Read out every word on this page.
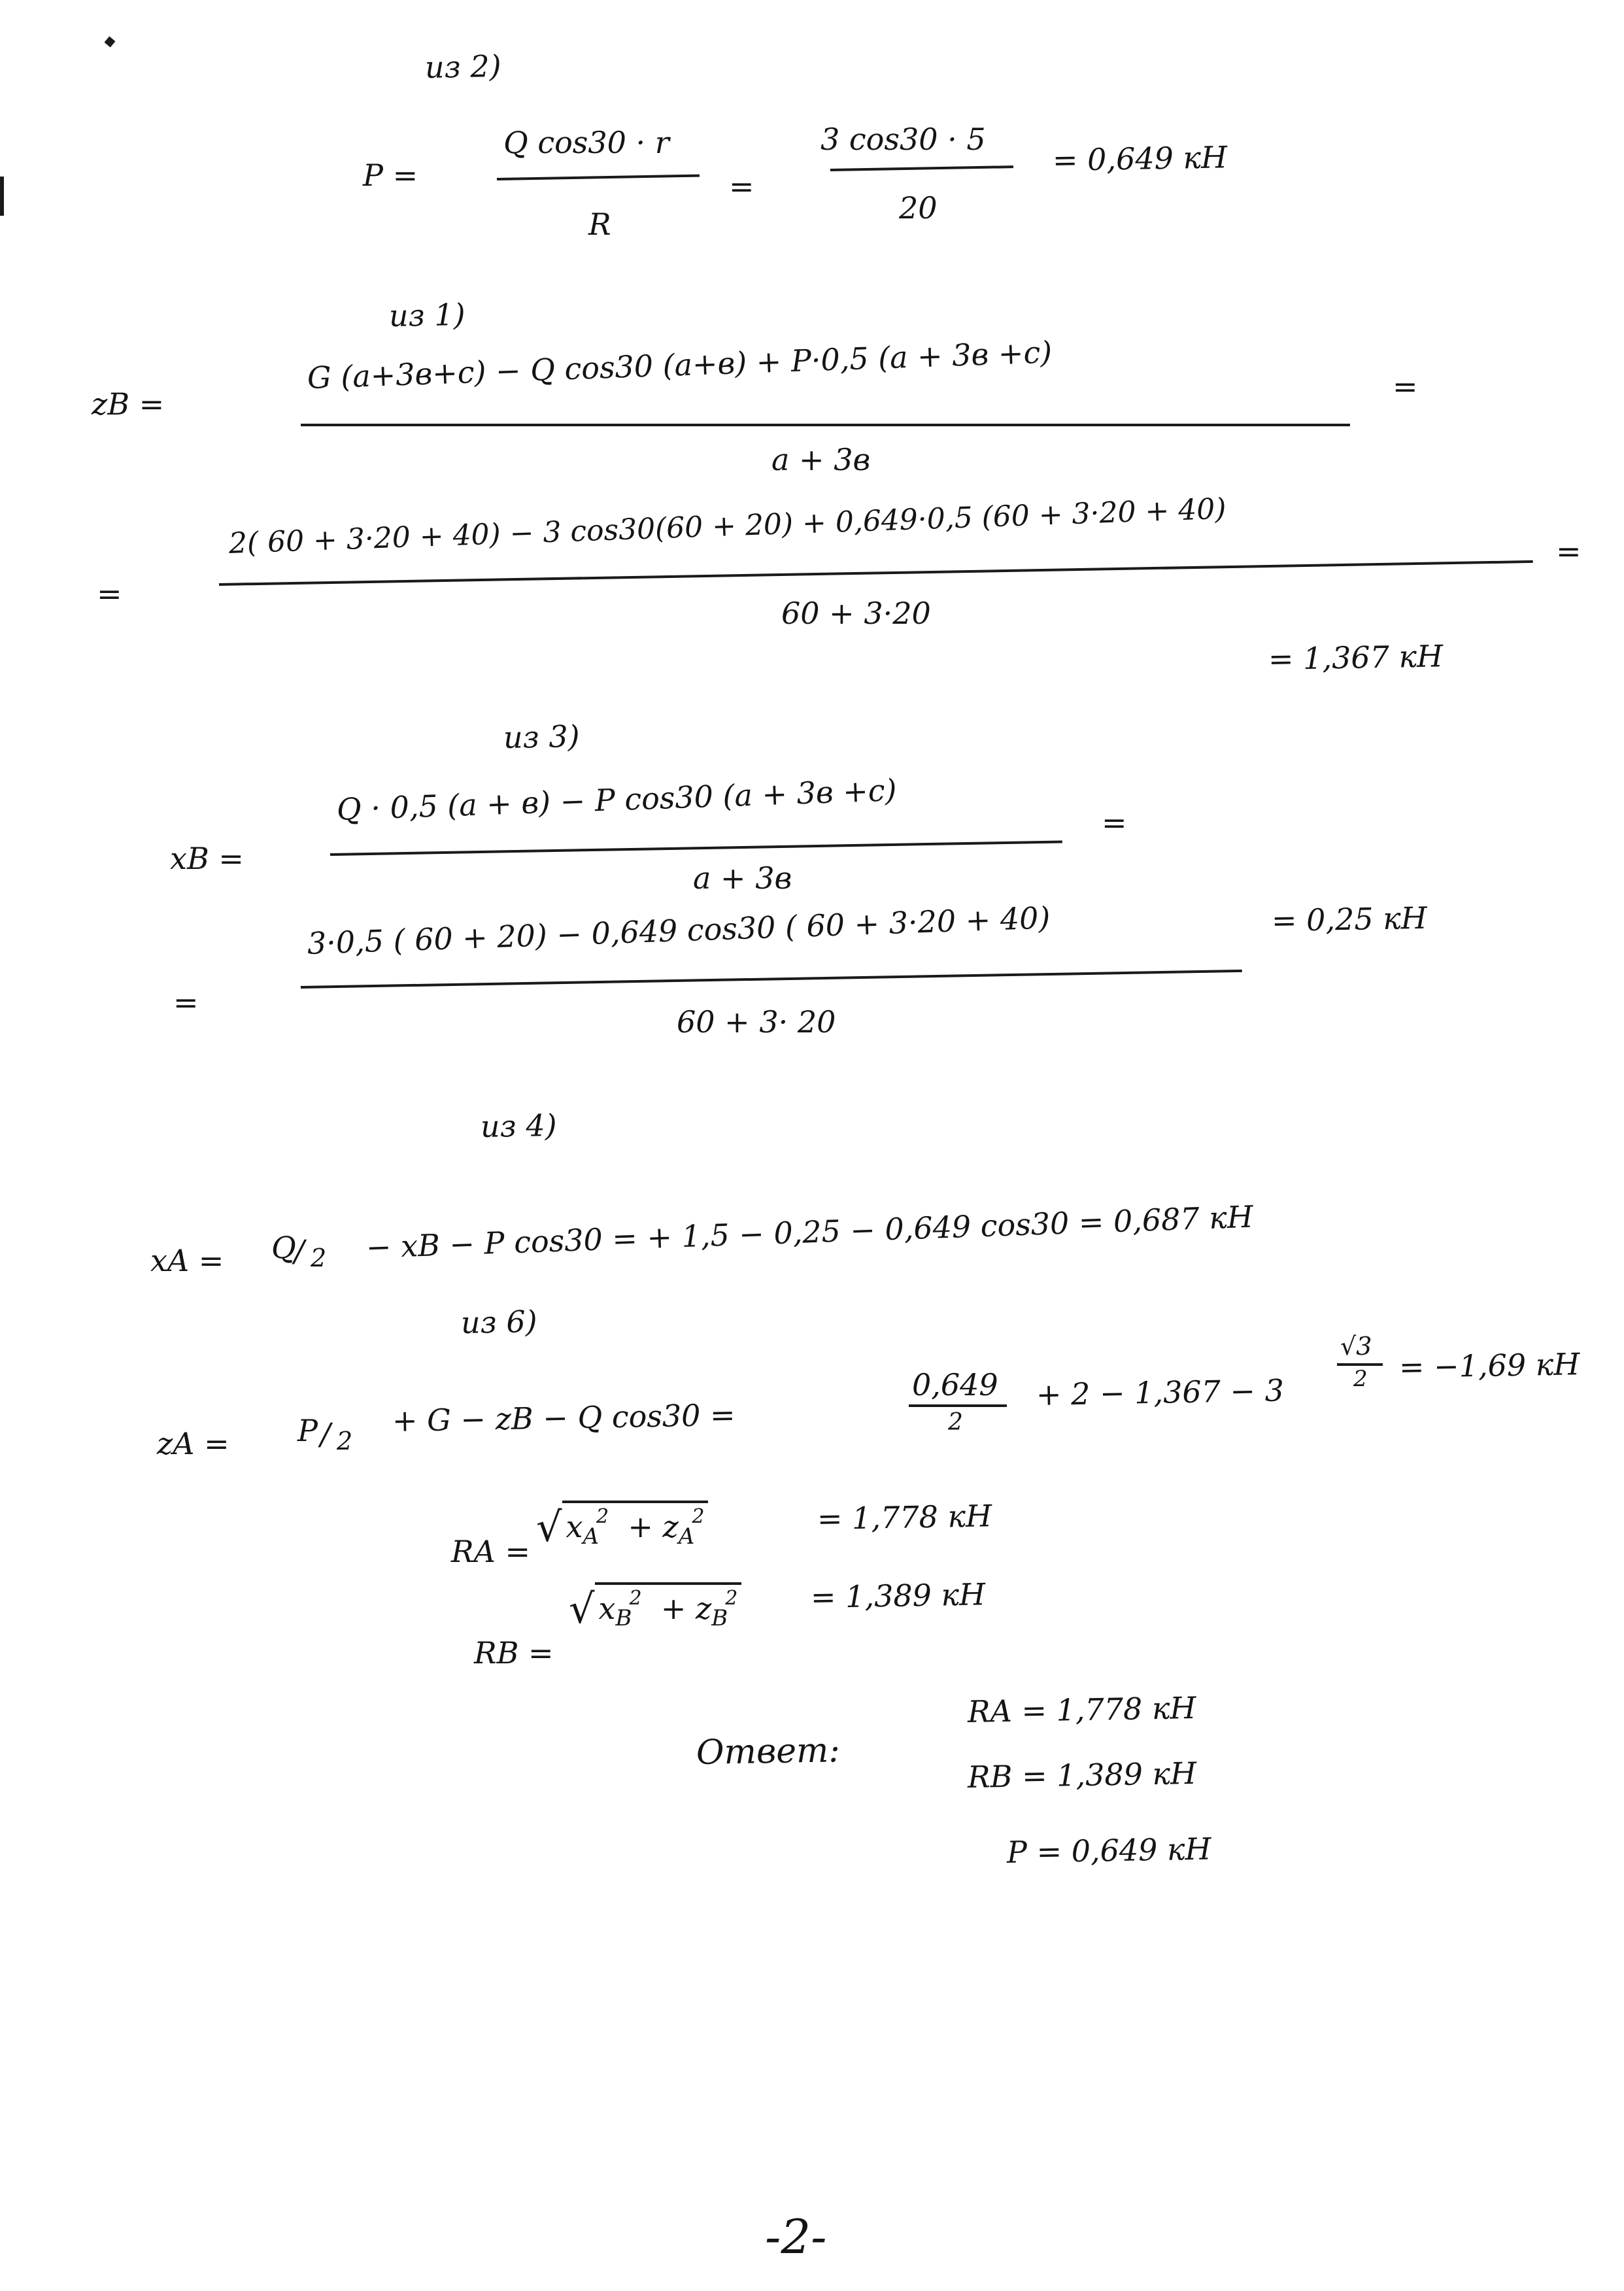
из 2)
P =
Q cos30 · r
R
=
3 cos30 · 5
20
= 0,649 кН
из 1)
zB =
G (a+3в+c) − Q cos30 (a+в) + P·0,5 (a + 3в +c)
a + 3в
=
=
2( 60 + 3·20 + 40) − 3 cos30(60 + 20) + 0,649·0,5 (60 + 3·20 + 40)
60 + 3·20
=
= 1,367 кН
из 3)
xB =
Q · 0,5 (a + в) − P cos30 (a + 3в +c)
a + 3в
=
=
3·0,5 ( 60 + 20) − 0,649 cos30 ( 60 + 3·20 + 40)
60 + 3· 20
= 0,25 кН
из 4)
xA = Q
/ 2 − xB − P cos30 = + 1,5 − 0,25 − 0,649 cos30 = 0,687 кН
из 6)
zA = P / 2
+ G − zB − Q cos30 =
0,649
2
+ 2 − 1,367 − 3
√3
2 = −1,69 кН
RA =
√ $x_A^2 + z_A^2$	= 1,778 кН
RB =
√ $x_B^2 + z_B^2 = 1,389$ кН
Ответ:
RA = 1,778 кН
RB = 1,389 кН
P = 0,649 кН
-2-
